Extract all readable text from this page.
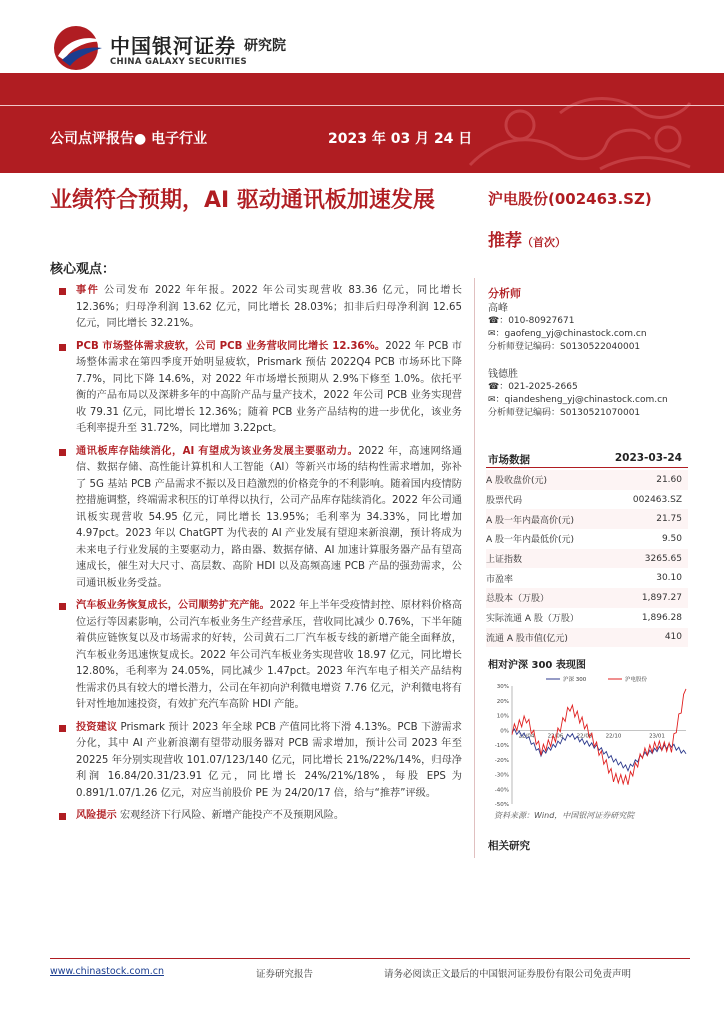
中国银河证券 研究院
CHINA GALAXY SECURITIES
公司点评报告● 电子行业	2023 年 03 月 24 日
业绩符合预期，AI 驱动通讯板加速发展	沪电股份(002463.SZ)
推荐（首次）
核心观点：
事件 公司发布 2022 年年报。2022 年公司实现营收 83.36 亿元，同比增长 12.36%；归母净利润 13.62 亿元，同比增长 28.03%；扣非后归母净利润 12.65 亿元，同比增长 32.21%。
PCB 市场整体需求疲软，公司 PCB 业务营收同比增长 12.36%。2022 年 PCB 市场整体需求在第四季度开始明显疲软，Prismark 预估 2022Q4 PCB 市场环比下降 7.7%，同比下降 14.6%，对 2022 年市场增长预期从 2.9%下修至 1.0%。依托平衡的产品布局以及深耕多年的中高阶产品与量产技术，2022 年公司 PCB 业务实现营收 79.31 亿元，同比增长 12.36%；随着 PCB 业务产品结构的进一步优化，该业务毛利率提升至 31.72%，同比增加 3.22pct。
通讯板库存陆续消化，AI 有望成为该业务发展主要驱动力。2022 年，高速网络通信、数据存储、高性能计算机和人工智能（AI）等新兴市场的结构性需求增加，弥补了 5G 基站 PCB 产品需求不振以及日趋激烈的价格竞争的不利影响。随着国内疫情防控措施调整，终端需求积压的订单得以执行，公司产品库存陆续消化。2022 年公司通讯板实现营收 54.95 亿元，同比增长 13.95%；毛利率为 34.33%，同比增加 4.97pct。2023 年以 ChatGPT 为代表的 AI 产业发展有望迎来新浪潮，预计将成为未来电子行业发展的主要驱动力，路由器、数据存储、AI 加速计算服务器产品有望高速成长，催生对大尺寸、高层数、高阶 HDI 以及高频高速 PCB 产品的强劲需求，公司通讯板业务受益。
汽车板业务恢复成长，公司顺势扩充产能。2022 年上半年受疫情封控、原材料价格高位运行等因素影响，公司汽车板业务生产经营承压，营收同比减少 0.76%，下半年随着供应链恢复以及市场需求的好转，公司黄石二厂汽车板专线的新增产能全面释放，汽车板业务迅速恢复成长。2022 年公司汽车板业务实现营收 18.97 亿元，同比增长 12.80%，毛利率为 24.05%，同比减少 1.47pct。2023 年汽车电子相关产品结构性需求仍具有较大的增长潜力，公司在年初向沪利微电增资 7.76 亿元，沪利微电将有针对性地加速投资，有效扩充汽车高阶 HDI 产能。
投资建议 Prismark 预计 2023 年全球 PCB 产值同比将下滑 4.13%。PCB 下游需求分化，其中 AI 产业新浪潮有望带动服务器对 PCB 需求增加，预计公司 2023 年至 20225 年分别实现营收 101.07/123/140 亿元，同比增长 21%/22%/14%，归母净利润 16.84/20.31/23.91 亿元，同比增长 24%/21%/18%，每股 EPS 为 0.891/1.07/1.26 亿元，对应当前股价 PE 为 24/20/17 倍，给与“推荐”评级。
风险提示 宏观经济下行风险、新增产能投产不及预期风险。
分析师
高峰
☎：010-80927671
✉：gaofeng_yj@chinastock.com.cn
分析师登记编码：S0130522040001
钱德胜
☎：021-2025-2665
✉：qiandesheng_yj@chinastock.com.cn
分析师登记编码：S0130521070001
市场数据	2023-03-24
A 股收盘价(元)	21.60
股票代码	002463.SZ
A 股一年内最高价(元)	21.75
A 股一年内最低价(元)	9.50
上证指数	3265.65
市盈率	30.10
总股本（万股）	1,897.27
实际流通 A 股（万股）	1,896.28
流通 A 股市值(亿元)	410
相对沪深 300 表现图
30%
20%
10%
0%
-10%
-20%
-30%
-40%
-50%
22/04 22/06 22/08 22/10	23/01
沪深 300	沪电股份
资料来源：Wind，中国银河证券研究院
相关研究
www.chinastock.com.cn	证券研究报告	请务必阅读正文最后的中国银河证券股份有限公司免责声明
